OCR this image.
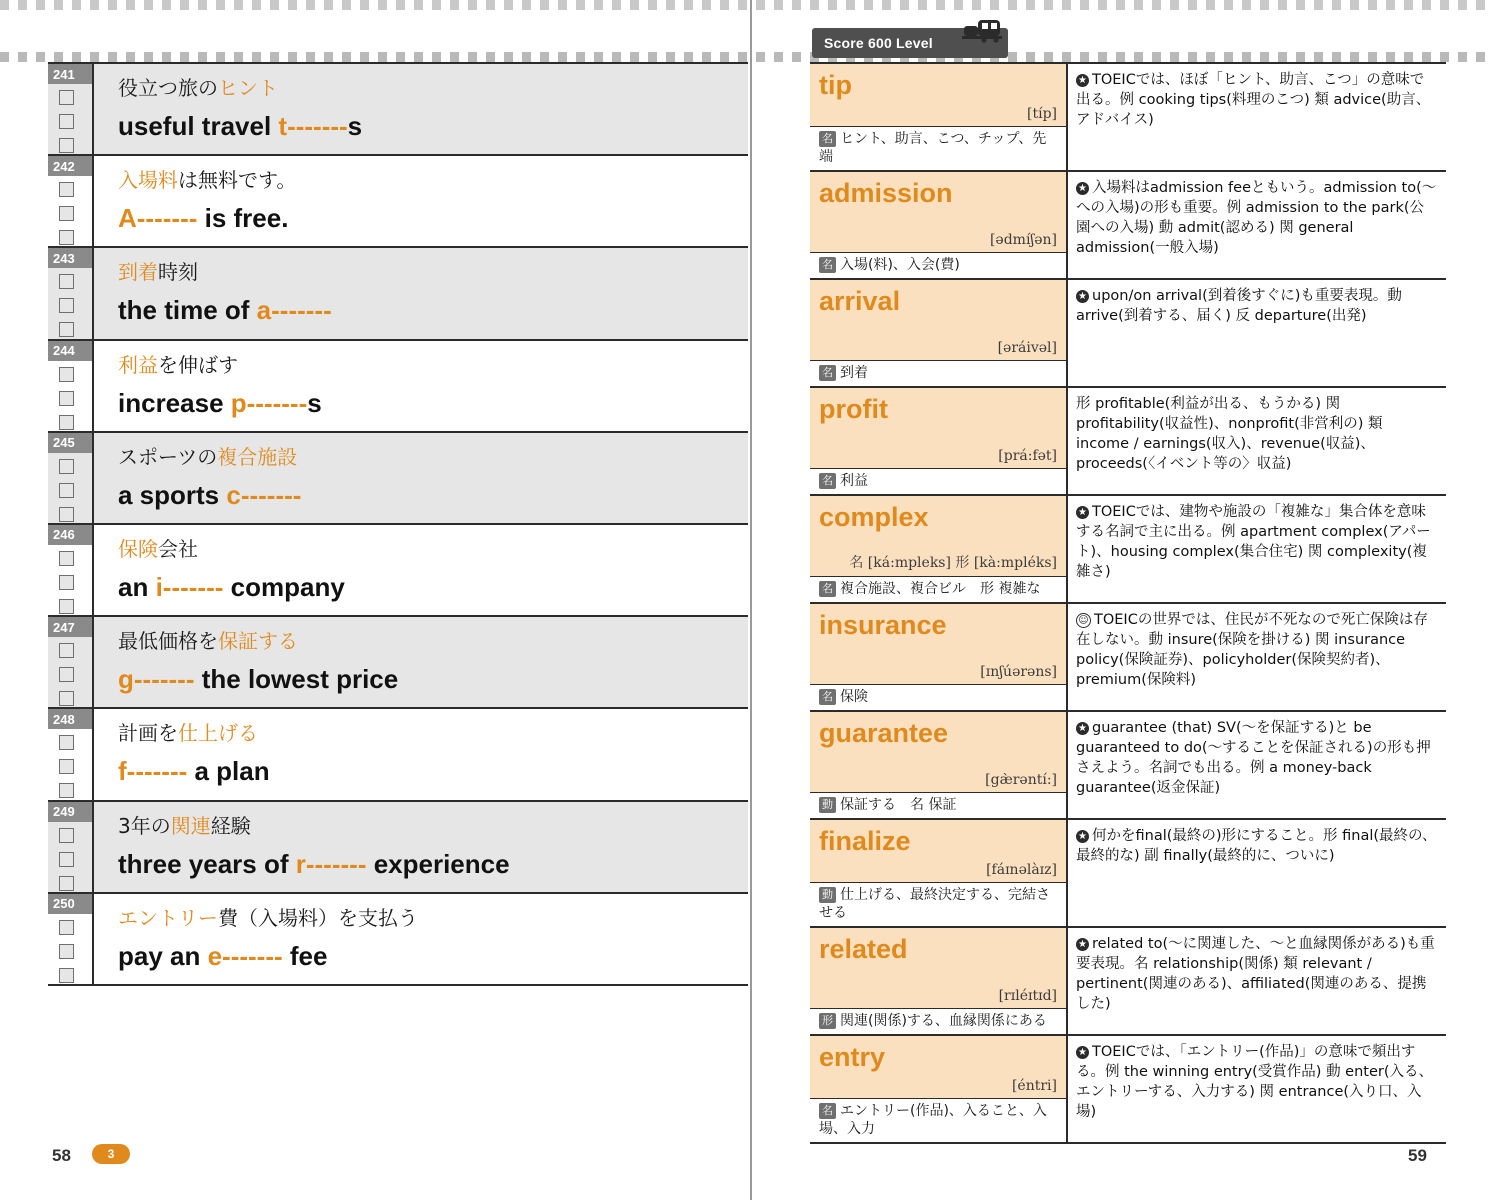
Score 600 Level
241
役立つ旅のヒント
useful travel t-------s
242
入場料は無料です。
A------- is free.
243
到着時刻
the time of a-------
244
利益を伸ばす
increase p-------s
245
スポーツの複合施設
a sports c-------
246
保険会社
an i------- company
247
最低価格を保証する
g------- the lowest price
248
計画を仕上げる
f------- a plan
249
3年の関連経験
three years of r------- experience
250
エントリー費（入場料）を支払う
pay an e------- fee
tip
[típ]
名 ヒント、助言、こつ、チップ、先端

★ TOEICでは、ほぼ「ヒント、助言、こつ」の意味で出る。例 cooking tips(料理のこつ) 類 advice(助言、アドバイス)

admission
[ədmíʃən]
名 入場(料)、入会(費)

★ 入場料はadmission feeともいう。admission to(〜への入場)の形も重要。例 admission to the park(公園への入場) 動 admit(認める) 関 general admission(一般入場)

arrival
[əráivəl]
名 到着

★ upon/on arrival(到着後すぐに)も重要表現。動 arrive(到着する、届く) 反 departure(出発)

profit
[prá:fət]
名 利益

形 profitable(利益が出る、もうかる) 関 profitability(収益性)、nonprofit(非営利の) 類 income / earnings(収入)、revenue(収益)、proceeds(〈イベント等の〉収益)

complex
名 [ká:mpleks] 形 [kà:mpléks]
名 複合施設、複合ビル　形 複雑な

★ TOEICでは、建物や施設の「複雑な」集合体を意味する名詞で主に出る。例 apartment complex(アパート)、housing complex(集合住宅) 関 complexity(複雑さ)

insurance
[ɪnʃúərəns]
名 保険

☺ TOEICの世界では、住民が不死なので死亡保険は存在しない。動 insure(保険を掛ける) 関 insurance policy(保険証券)、policyholder(保険契約者)、premium(保険料)

guarantee
[gæ̀rəntí:]
動 保証する　名 保証

★ guarantee (that) SV(〜を保証する)と be guaranteed to do(〜することを保証される)の形も押さえよう。名詞でも出る。例 a money-back guarantee(返金保証)

finalize
[fáɪnəlàɪz]
動 仕上げる、最終決定する、完結させる

★ 何かをfinal(最終の)形にすること。形 final(最終の、最終的な) 副 finally(最終的に、ついに)

related
[rɪléɪtɪd]
形 関連(関係)する、血縁関係にある

★ related to(〜に関連した、〜と血縁関係がある)も重要表現。名 relationship(関係) 類 relevant / pertinent(関連のある)、affiliated(関連のある、提携した)

entry
[éntri]
名 エントリー(作品)、入ること、入場、入力

★ TOEICでは、「エントリー(作品)」の意味で頻出する。例 the winning entry(受賞作品) 動 enter(入る、エントリーする、入力する) 関 entrance(入り口、入場)

58	3	59
